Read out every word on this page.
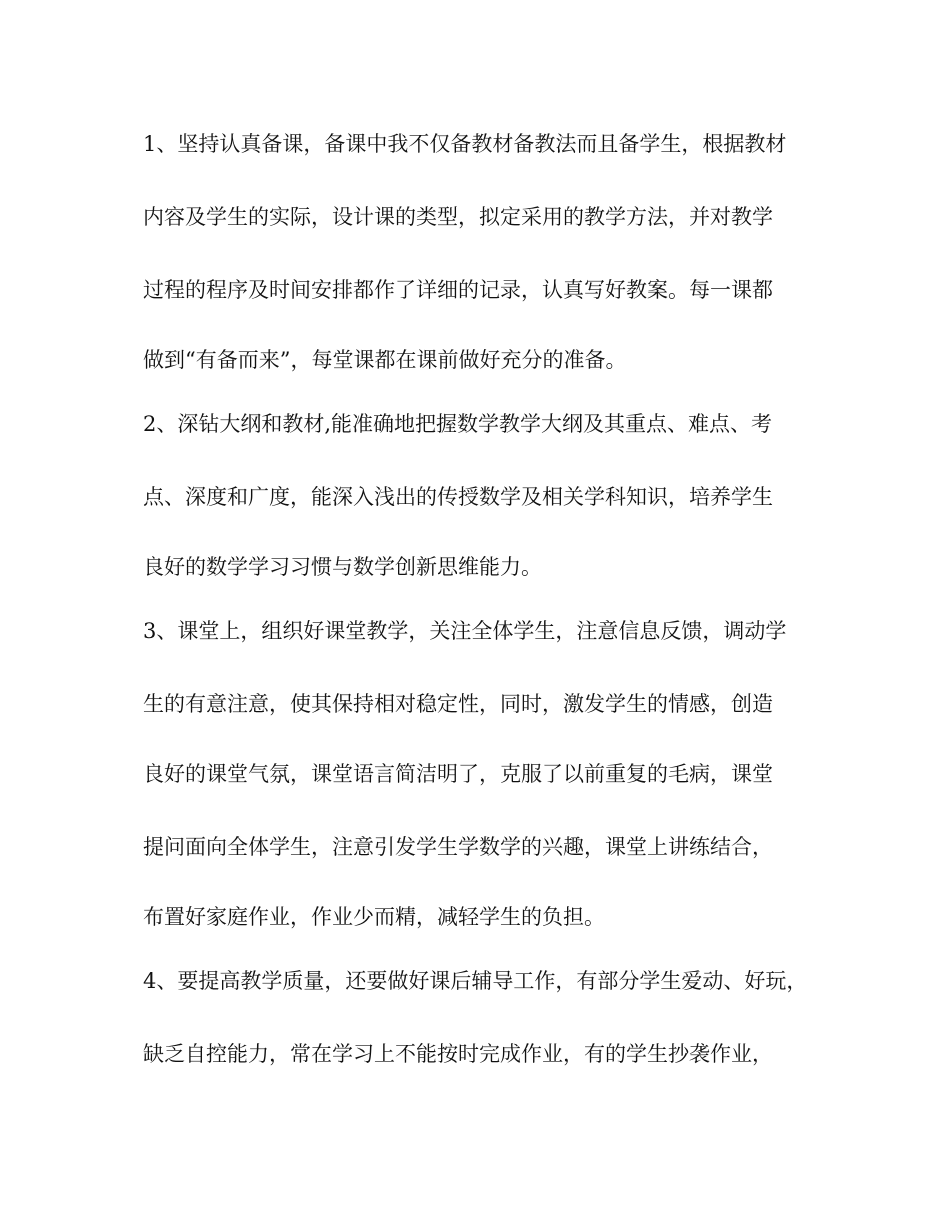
1、坚持认真备课，备课中我不仅备教材备教法而且备学生，根据教材
内容及学生的实际，设计课的类型，拟定采用的教学方法，并对教学
过程的程序及时间安排都作了详细的记录，认真写好教案。每一课都
做到“有备而来”，每堂课都在课前做好充分的准备。
2、深钻大纲和教材,能准确地把握数学教学大纲及其重点、难点、考
点、深度和广度，能深入浅出的传授数学及相关学科知识，培养学生
良好的数学学习习惯与数学创新思维能力。
3、课堂上，组织好课堂教学，关注全体学生，注意信息反馈，调动学
生的有意注意，使其保持相对稳定性，同时，激发学生的情感，创造
良好的课堂气氛，课堂语言简洁明了，克服了以前重复的毛病，课堂
提问面向全体学生，注意引发学生学数学的兴趣，课堂上讲练结合，
布置好家庭作业，作业少而精，减轻学生的负担。
4、要提高教学质量，还要做好课后辅导工作，有部分学生爱动、好玩，
缺乏自控能力，常在学习上不能按时完成作业，有的学生抄袭作业，
